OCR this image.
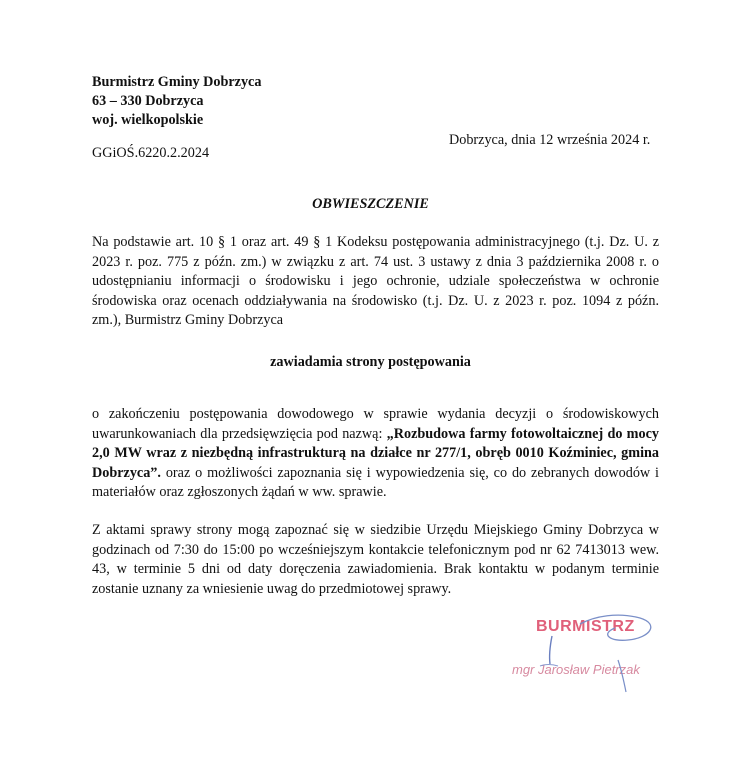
Burmistrz Gminy Dobrzyca
63 – 330 Dobrzyca
woj. wielkopolskie
Dobrzyca, dnia 12 września 2024 r.
GGiOŚ.6220.2.2024
OBWIESZCZENIE
Na podstawie art. 10 § 1 oraz art. 49 § 1 Kodeksu postępowania administracyjnego (t.j. Dz. U. z 2023 r. poz. 775 z późn. zm.) w związku z art. 74 ust. 3 ustawy z dnia 3 października 2008 r. o udostępnianiu informacji o środowisku i jego ochronie, udziale społeczeństwa w ochronie środowiska oraz ocenach oddziaływania na środowisko (t.j. Dz. U. z 2023 r. poz. 1094 z późn. zm.), Burmistrz Gminy Dobrzyca
zawiadamia strony postępowania
o zakończeniu postępowania dowodowego w sprawie wydania decyzji o środowiskowych uwarunkowaniach dla przedsięwzięcia pod nazwą: „Rozbudowa farmy fotowoltaicznej do mocy 2,0 MW wraz z niezbędną infrastrukturą na działce nr 277/1, obręb 0010 Koźminiec, gmina Dobrzyca”. oraz o możliwości zapoznania się i wypowiedzenia się, co do zebranych dowodów i materiałów oraz zgłoszonych żądań w ww. sprawie.
Z aktami sprawy strony mogą zapoznać się w siedzibie Urzędu Miejskiego Gminy Dobrzyca w godzinach od 7:30 do 15:00 po wcześniejszym kontakcie telefonicznym pod nr 62 7413013 wew. 43, w terminie 5 dni od daty doręczenia zawiadomienia. Brak kontaktu w podanym terminie zostanie uznany za wniesienie uwag do przedmiotowej sprawy.
BURMISTRZ
mgr Jarosław Pietrzak
